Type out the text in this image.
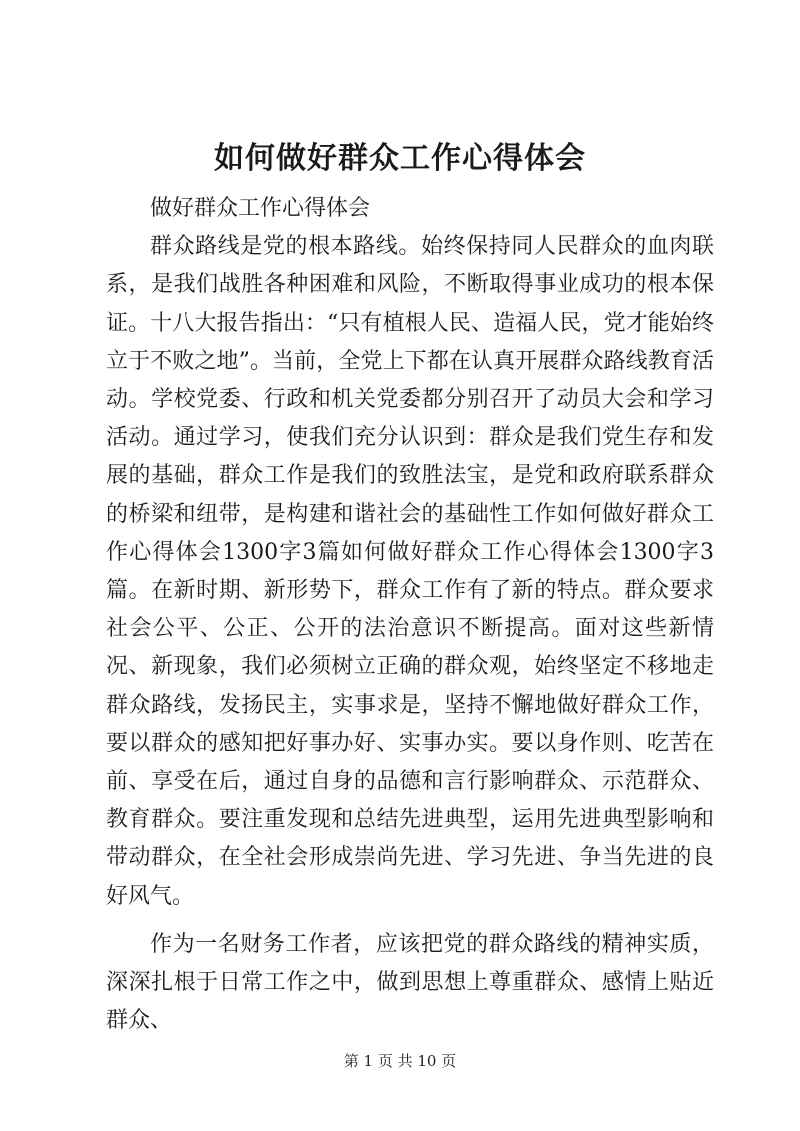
如何做好群众工作心得体会

做好群众工作心得体会

群众路线是党的根本路线。始终保持同人民群众的血肉联系，是我们战胜各种困难和风险，不断取得事业成功的根本保证。十八大报告指出：“只有植根人民、造福人民，党才能始终立于不败之地”。当前，全党上下都在认真开展群众路线教育活动。学校党委、行政和机关党委都分别召开了动员大会和学习活动。通过学习，使我们充分认识到：群众是我们党生存和发展的基础，群众工作是我们的致胜法宝，是党和政府联系群众的桥梁和纽带，是构建和谐社会的基础性工作如何做好群众工作心得体会1300字3篇如何做好群众工作心得体会1300字3篇。在新时期、新形势下，群众工作有了新的特点。群众要求社会公平、公正、公开的法治意识不断提高。面对这些新情况、新现象，我们必须树立正确的群众观，始终坚定不移地走群众路线，发扬民主，实事求是，坚持不懈地做好群众工作，要以群众的感知把好事办好、实事办实。要以身作则、吃苦在前、享受在后，通过自身的品德和言行影响群众、示范群众、教育群众。要注重发现和总结先进典型，运用先进典型影响和带动群众，在全社会形成崇尚先进、学习先进、争当先进的良好风气。

作为一名财务工作者，应该把党的群众路线的精神实质，深深扎根于日常工作之中，做到思想上尊重群众、感情上贴近群众、

第 1 页 共 10 页
